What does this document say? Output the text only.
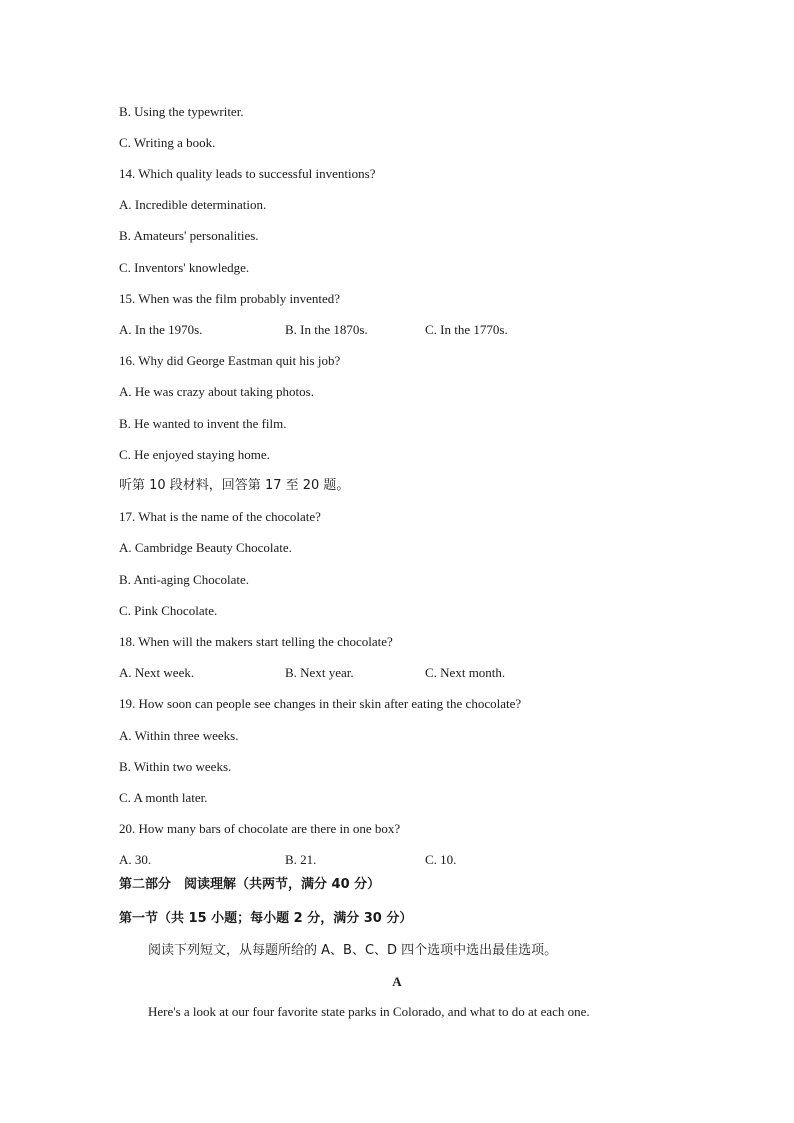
B. Using the typewriter.
C. Writing a book.
14. Which quality leads to successful inventions?
A. Incredible determination.
B. Amateurs' personalities.
C. Inventors' knowledge.
15. When was the film probably invented?
A. In the 1970s.	B. In the 1870s.	C. In the 1770s.
16. Why did George Eastman quit his job?
A. He was crazy about taking photos.
B. He wanted to invent the film.
C. He enjoyed staying home.
听第 10 段材料，回答第 17 至 20 题。
17. What is the name of the chocolate?
A. Cambridge Beauty Chocolate.
B. Anti-aging Chocolate.
C. Pink Chocolate.
18. When will the makers start telling the chocolate?
A. Next week.	B. Next year.	C. Next month.
19. How soon can people see changes in their skin after eating the chocolate?
A. Within three weeks.
B. Within two weeks.
C. A month later.
20. How many bars of chocolate are there in one box?
A. 30.	B. 21.	C. 10.
第二部分　阅读理解（共两节，满分 40 分）
第一节（共 15 小题；每小题 2 分，满分 30 分）
阅读下列短文，从每题所给的 A、B、C、D 四个选项中选出最佳选项。
A
Here's a look at our four favorite state parks in Colorado, and what to do at each one.
